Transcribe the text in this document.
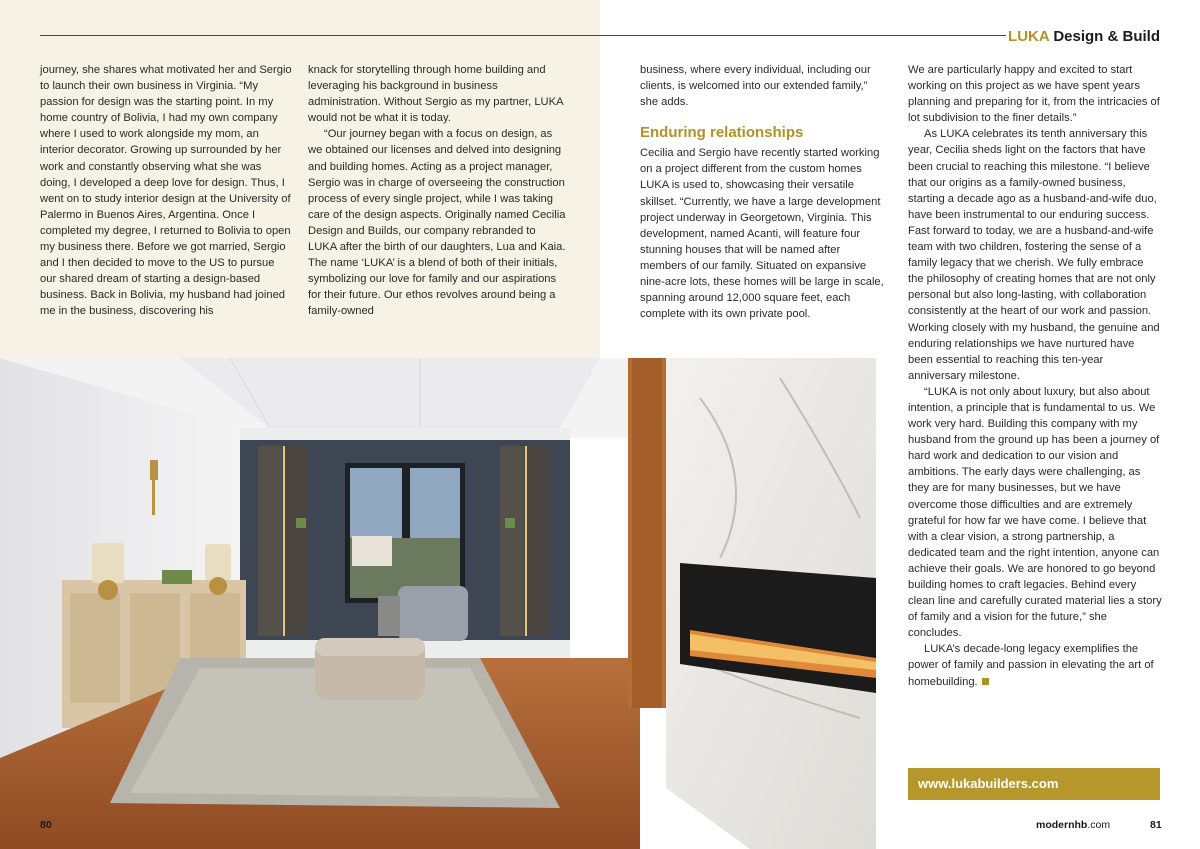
LUKA Design & Build

journey, she shares what motivated her and Sergio to launch their own business in Virginia. “My passion for design was the starting point. In my home country of Bolivia, I had my own company where I used to work alongside my mom, an interior decorator. Growing up surrounded by her work and constantly observing what she was doing, I developed a deep love for design. Thus, I went on to study interior design at the University of Palermo in Buenos Aires, Argentina. Once I completed my degree, I returned to Bolivia to open my business there. Before we got married, Sergio and I then decided to move to the US to pursue our shared dream of starting a design-based business. Back in Bolivia, my husband had joined me in the business, discovering his

knack for storytelling through home building and leveraging his background in business administration. Without Sergio as my partner, LUKA would not be what it is today.

“Our journey began with a focus on design, as we obtained our licenses and delved into designing and building homes. Acting as a project manager, Sergio was in charge of overseeing the construction process of every single project, while I was taking care of the design aspects. Originally named Cecilia Design and Builds, our company rebranded to LUKA after the birth of our daughters, Lua and Kaia. The name ‘LUKA’ is a blend of both of their initials, symbolizing our love for family and our aspirations for their future. Our ethos revolves around being a family-owned

business, where every individual, including our clients, is welcomed into our extended family,” she adds.

Enduring relationships

Cecilia and Sergio have recently started working on a project different from the custom homes LUKA is used to, showcasing their versatile skillset. “Currently, we have a large development project underway in Georgetown, Virginia. This development, named Acanti, will feature four stunning houses that will be named after members of our family. Situated on expansive nine-acre lots, these homes will be large in scale, spanning around 12,000 square feet, each complete with its own private pool.

We are particularly happy and excited to start working on this project as we have spent years planning and preparing for it, from the intricacies of lot subdivision to the finer details.”

As LUKA celebrates its tenth anniversary this year, Cecilia sheds light on the factors that have been crucial to reaching this milestone. “I believe that our origins as a family-owned business, starting a decade ago as a husband-and-wife duo, have been instrumental to our enduring success. Fast forward to today, we are a husband-and-wife team with two children, fostering the sense of a family legacy that we cherish. We fully embrace the philosophy of creating homes that are not only personal but also long-lasting, with collaboration consistently at the heart of our work and passion. Working closely with my husband, the genuine and enduring relationships we have nurtured have been essential to reaching this ten-year anniversary milestone.

“LUKA is not only about luxury, but also about intention, a principle that is fundamental to us. We work very hard. Building this company with my husband from the ground up has been a journey of hard work and dedication to our vision and ambitions. The early days were challenging, as they are for many businesses, but we have overcome those difficulties and are extremely grateful for how far we have come. I believe that with a clear vision, a strong partnership, a dedicated team and the right intention, anyone can achieve their goals. We are honored to go beyond building homes to craft legacies. Behind every clean line and carefully curated material lies a story of family and a vision for the future,” she concludes.

LUKA’s decade-long legacy exemplifies the power of family and passion in elevating the art of homebuilding.

www.lukabuilders.com
80	modernhb.com	81
